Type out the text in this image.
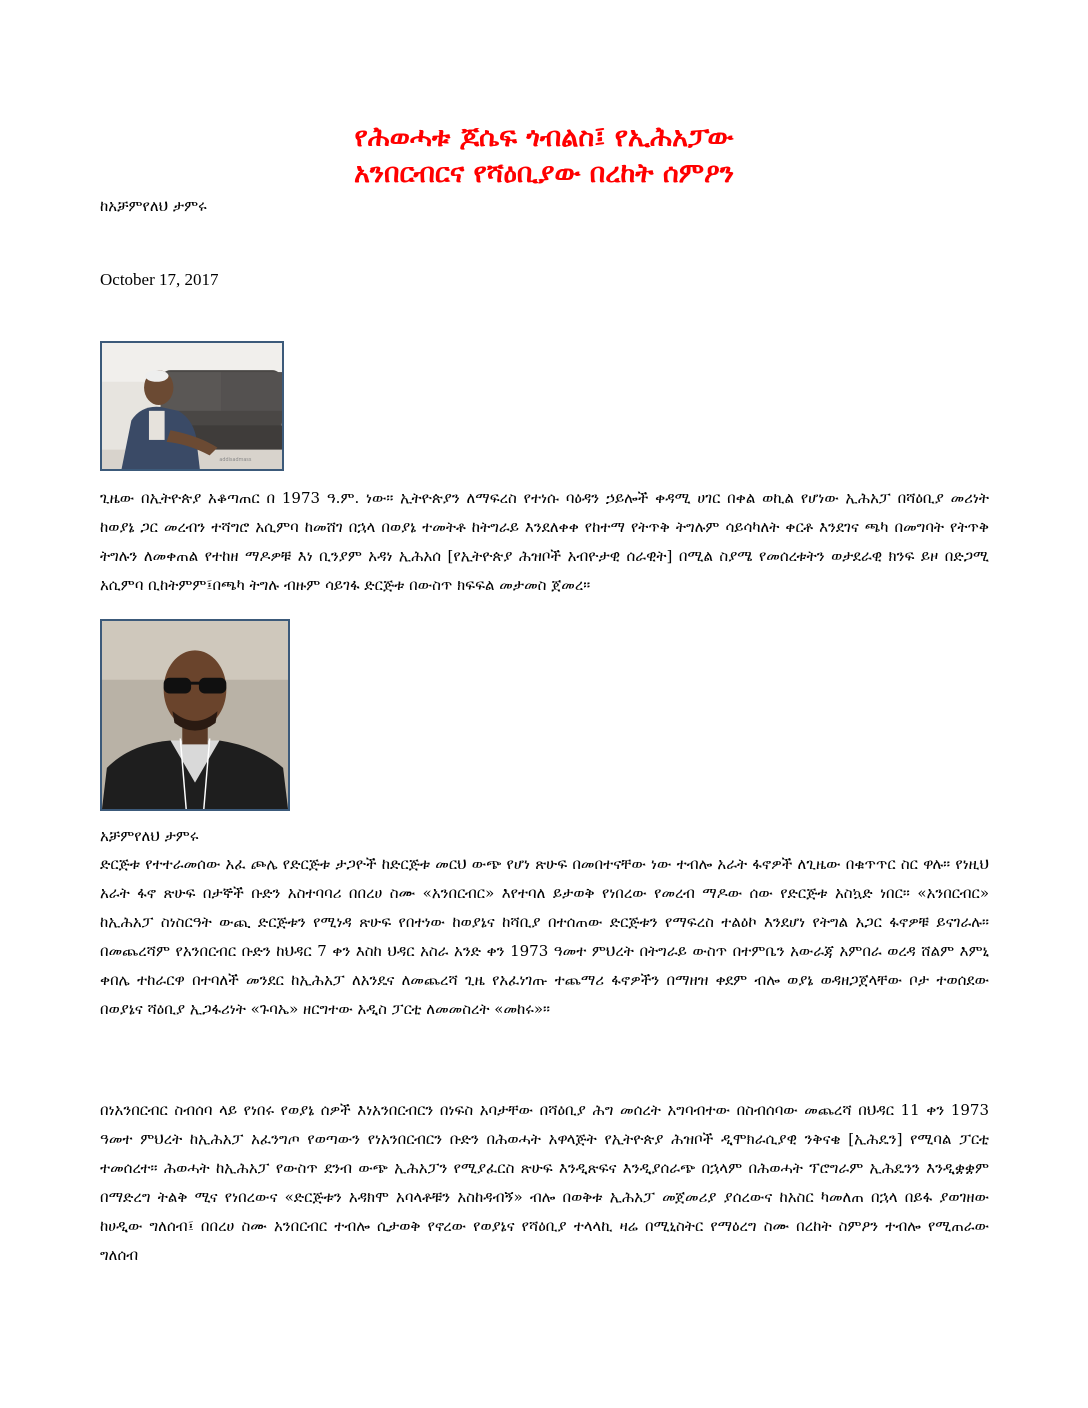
የሕወሓቱ ጆሴፍ ጎብልስ፤ የኢሕአፓው
አንበርብርና የሻዕቢያው በረከት ሰምዖን
ከአቻምየለህ ታምሩ
October 17, 2017
addisadmass

ጊዜው በኢትዮጵያ አቆጣጠር በ 1973 ዓ.ም. ነው። ኢትዮጵያን ለማፍረስ የተነሱ ባዕዳን ኃይሎች ቀዳሚ ሀገር በቀል ወኪል የሆነው ኢሕአፓ በሻዕቢያ መሪነት ከወያኔ ጋር መረብን ተሻግሮ አሲምባ ከመሸገ በኋላ በወያኔ ተመትቶ ከትግራይ እንደለቀቀ የከተማ የትጥቅ ትግሉም ሳይሳካለት ቀርቶ እንደገና ጫካ በመግባት የትጥቅ ትግሉን ለመቀጠል የተከዘ ማዶዎቹ እነ ቢንያም አዳነ ኢሕአሰ [የኢትዮጵያ ሕዝቦች አብዮታዊ ሰራዊት] በሚል ስያሜ የመሰረቱትን ወታደራዊ ክንፍ ይዞ በድጋሚ አሲምባ ቢከትምም፤በጫካ ትግሉ ብዙም ሳይገፋ ድርጅቱ በውስጥ ክፍፍል መታመስ ጀመረ።

አቻምየለህ ታምሩ

ድርጅቱ የተተራመሰው አፈ ጮሌ የድርጅቱ ታጋዮች ከድርጅቱ መርህ ውጭ የሆነ ጽሁፍ በመበተናቸው ነው ተብሎ አራት ፋኖዎች ለጊዜው በቁጥጥር ስር ዋሉ። የነዚህ አራት ፋኖ ጽሁፍ በታኞች ቡድን አስተባባሪ በበረሀ ስሙ «አንበርብር» እየተባለ ይታወቅ የነበረው የመረብ ማዶው ሰው የድርጅቱ አስኳድ ነበር። «አንበርብር» ከኢሕአፓ ስነስርዓት ውጪ ድርጅቱን የሚነዳ ጽሁፍ የበተነው ከወያኔና ከሻቢያ በተሰጠው ድርጅቱን የማፍረስ ተልዕኮ እንደሆነ የትግል አጋር ፋኖዎቹ ይናገራሉ። በመጨረሻም የአንበርብር ቡድን ከህዳር 7 ቀን እስከ ህዳር አስራ አንድ ቀን 1973 ዓመተ ምህረት በትግራይ ውስጥ በተምቤን አውራጃ አምበራ ወረዳ ሸልም እምኒ ቀበሌ ተከራርዋ በተባለች መንደር ከኢሕአፓ ለአንዴና ለመጨረሻ ጊዜ የአፈነገጡ ተጨማሪ ፋኖዎችን በማዘዝ ቀደም ብሎ ወያኔ ወዳዘጋጀላቸው ቦታ ተወሰደው በወያኔና ሻዕቢያ ኢጋፋሪነት «ጉባኤ» ዘርግተው አዲስ ፓርቲ ለመመስረት «መከሩ»።

በነአንበርብር ስብሰባ ላይ የነበሩ የወያኔ ሰዎች እነአንበርብርን በነፍስ አባታቸው በሻዕቢያ ሕግ መሰረት አግባብተው በስብሰባው መጨረሻ በህዳር 11 ቀን 1973 ዓመተ ምህረት ከኢሕአፓ አፈንግጦ የወጣውን የነአንበርብርን ቡድን በሕወሓት አዋላጅት የኢትዮጵያ ሕዝቦች ዲሞክራሲያዊ ንቅናቄ [ኢሕዴን] የሚባል ፓርቲ ተመሰረተ። ሕወሓት ከኢሕአፓ የውስጥ ደንብ ውጭ ኢሕአፓን የሚያፈርስ ጽሁፍ እንዲጽፍና እንዲያሰራጭ በኋላም በሕወሓት ፕሮግራም ኢሕዴንን እንዲቋቋም በማድረግ ትልቅ ሚና የነበረውና «ድርጅቱን አዳክሞ አባላቶቹን አስከዳብኝ» ብሎ በወቅቱ ኢሕአፓ መጀመሪያ ያሰረውና ከአስር ካመለጠ በኋላ በይፋ ያወገዘው ከሀዲው ግለሰብ፤ በበረሀ ስሙ አንበርብር ተብሎ ሲታወቅ የኖረው የወያኔና የሻዕቢያ ተላላኪ ዛሬ በሚኒስትር የማዕረግ ስሙ በረከት ስምዖን ተብሎ የሚጠራው ግለሰብ
